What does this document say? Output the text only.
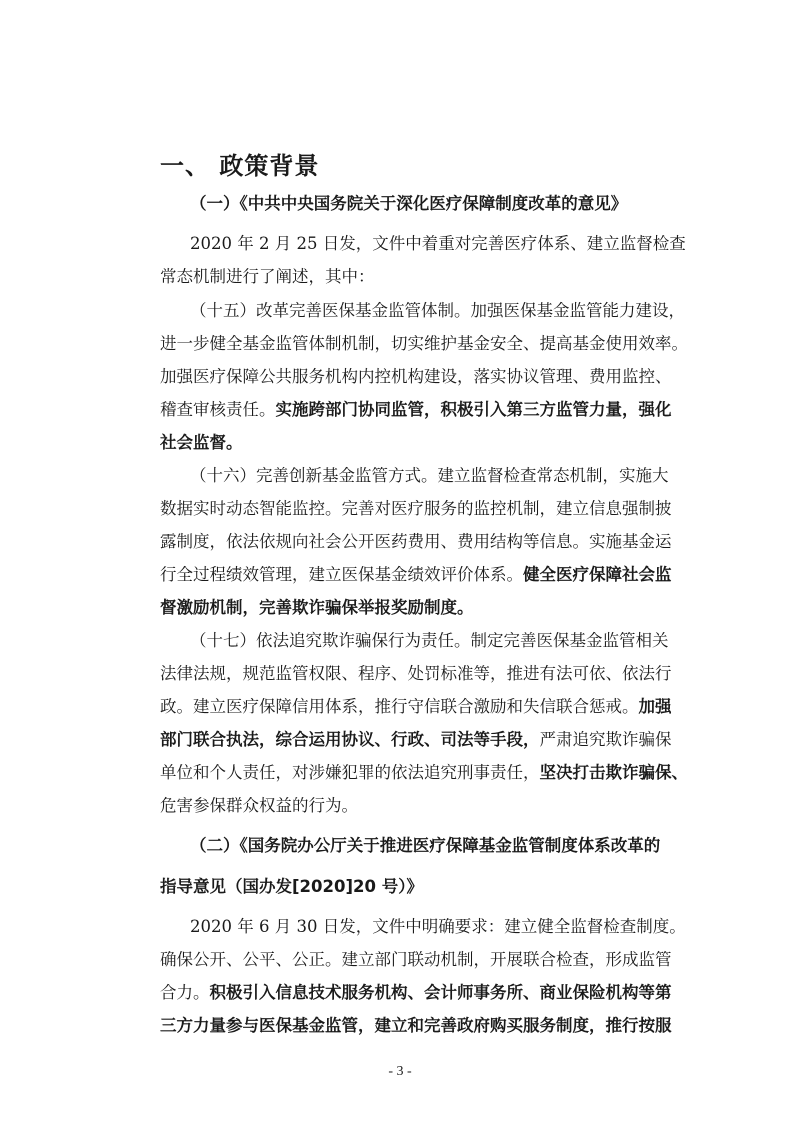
一、 政策背景
（一）《中共中央国务院关于深化医疗保障制度改革的意见》
2020 年 2 月 25 日发，文件中着重对完善医疗体系、建立监督检查
常态机制进行了阐述，其中：
（十五）改革完善医保基金监管体制。加强医保基金监管能力建设，
进一步健全基金监管体制机制，切实维护基金安全、提高基金使用效率。
加强医疗保障公共服务机构内控机构建设，落实协议管理、费用监控、
稽查审核责任。实施跨部门协同监管，积极引入第三方监管力量，强化
社会监督。
（十六）完善创新基金监管方式。建立监督检查常态机制，实施大
数据实时动态智能监控。完善对医疗服务的监控机制，建立信息强制披
露制度，依法依规向社会公开医药费用、费用结构等信息。实施基金运
行全过程绩效管理，建立医保基金绩效评价体系。健全医疗保障社会监
督激励机制，完善欺诈骗保举报奖励制度。
（十七）依法追究欺诈骗保行为责任。制定完善医保基金监管相关
法律法规，规范监管权限、程序、处罚标准等，推进有法可依、依法行
政。建立医疗保障信用体系，推行守信联合激励和失信联合惩戒。加强
部门联合执法，综合运用协议、行政、司法等手段，严肃追究欺诈骗保
单位和个人责任，对涉嫌犯罪的依法追究刑事责任，坚决打击欺诈骗保、
危害参保群众权益的行为。
（二）《国务院办公厅关于推进医疗保障基金监管制度体系改革的
指导意见（国办发[2020]20 号）》
2020 年 6 月 30 日发，文件中明确要求：建立健全监督检查制度。
确保公开、公平、公正。建立部门联动机制，开展联合检查，形成监管
合力。积极引入信息技术服务机构、会计师事务所、商业保险机构等第
三方力量参与医保基金监管，建立和完善政府购买服务制度，推行按服
- 3 -
